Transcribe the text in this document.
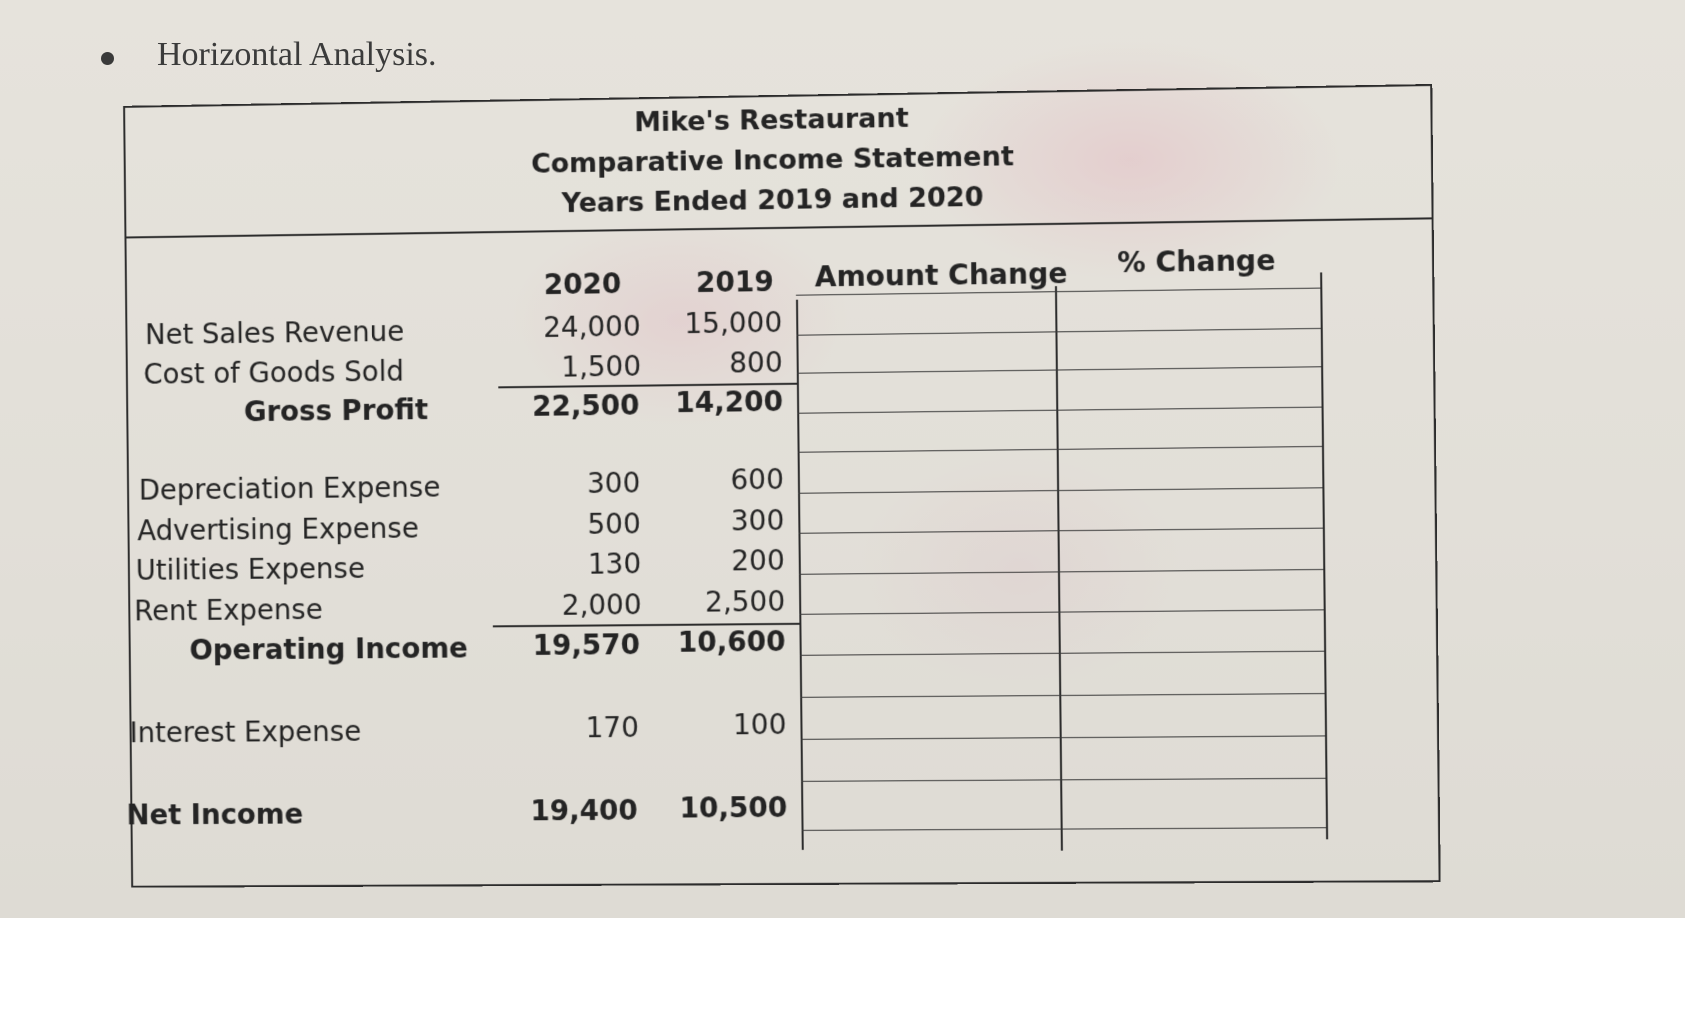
Horizontal Analysis.
Mike's Restaurant
Comparative Income Statement
Years Ended 2019 and 2020
2020	2019 Amount Change % Change
Net Sales Revenue
Cost of Goods Sold
Gross Profit
Depreciation Expense
Advertising Expense
Utilities Expense
Rent Expense
Operating Income
Interest Expense
Net Income
24,000
1,500
22,500
300
500
130
2,000
19,570
170
19,400
15,000
800
14,200
600
300
200
2,500
10,600
100
10,500
